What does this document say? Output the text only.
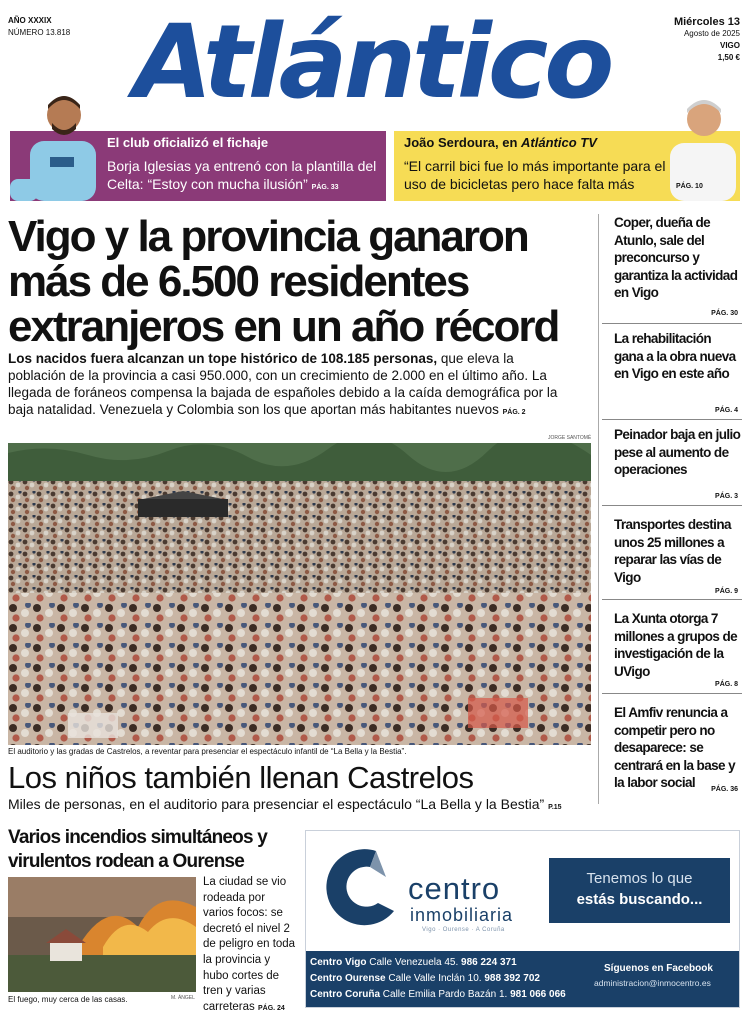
AÑO XXXIX
NÚMERO 13.818 Atlántico	Miércoles 13
Agosto de 2025
VIGO
1,50 €
El club oficializó el fichaje
Borja Iglesias ya entrenó con la plantilla del Celta: “Estoy con mucha ilusión” PÁG. 33
João Serdoura, en Atlántico TV
“El carril bici fue lo más importante para el uso de bicicletas pero hace falta más	PÁG. 10
Vigo y la provincia ganaron más de 6.500 residentes extranjeros en un año récord
Los nacidos fuera alcanzan un tope histórico de 108.185 personas, que eleva la población de la provincia a casi 950.000, con un crecimiento de 2.000 en el último año. La llegada de foráneos compensa la bajada de españoles debido a la caída demográfica por la baja natalidad. Venezuela y Colombia son los que aportan más habitantes nuevos PÁG. 2
JORGE SANTOMÉ
El auditorio y las gradas de Castrelos, a reventar para presenciar el espectáculo infantil de “La Bella y la Bestia”.
Los niños también llenan Castrelos
Miles de personas, en el auditorio para presenciar el espectáculo “La Bella y la Bestia” P.15
Varios incendios simultáneos y virulentos rodean a Ourense
La ciudad se vio rodeada por varios focos: se decretó el nivel 2 de peligro en toda la provincia y hubo cortes de tren y varias carreteras PÁG. 24
El fuego, muy cerca de las casas.	M. ÁNGEL
centro
inmobiliaria
Vigo · Ourense · A Coruña
Tenemos lo que
estás buscando...
Centro Vigo Calle Venezuela 45. 986 224 371
Centro Ourense Calle Valle Inclán 10. 988 392 702
Centro Coruña Calle Emilia Pardo Bazán 1. 981 066 066
Síguenos en Facebook
administracion@inmocentro.es
Coper, dueña de Atunlo, sale del preconcurso y garantiza la actividad en Vigo
PÁG. 30
La rehabilitación gana a la obra nueva en Vigo en este año
PÁG. 4
Peinador baja en julio pese al aumento de operaciones
PÁG. 3
Transportes destina unos 25 millones a reparar las vías de Vigo
PÁG. 9
La Xunta otorga 7 millones a grupos de investigación de la UVigo
PÁG. 8
El Amfiv renuncia a competir pero no desaparece: se centrará en la base y la labor social	PÁG. 36
